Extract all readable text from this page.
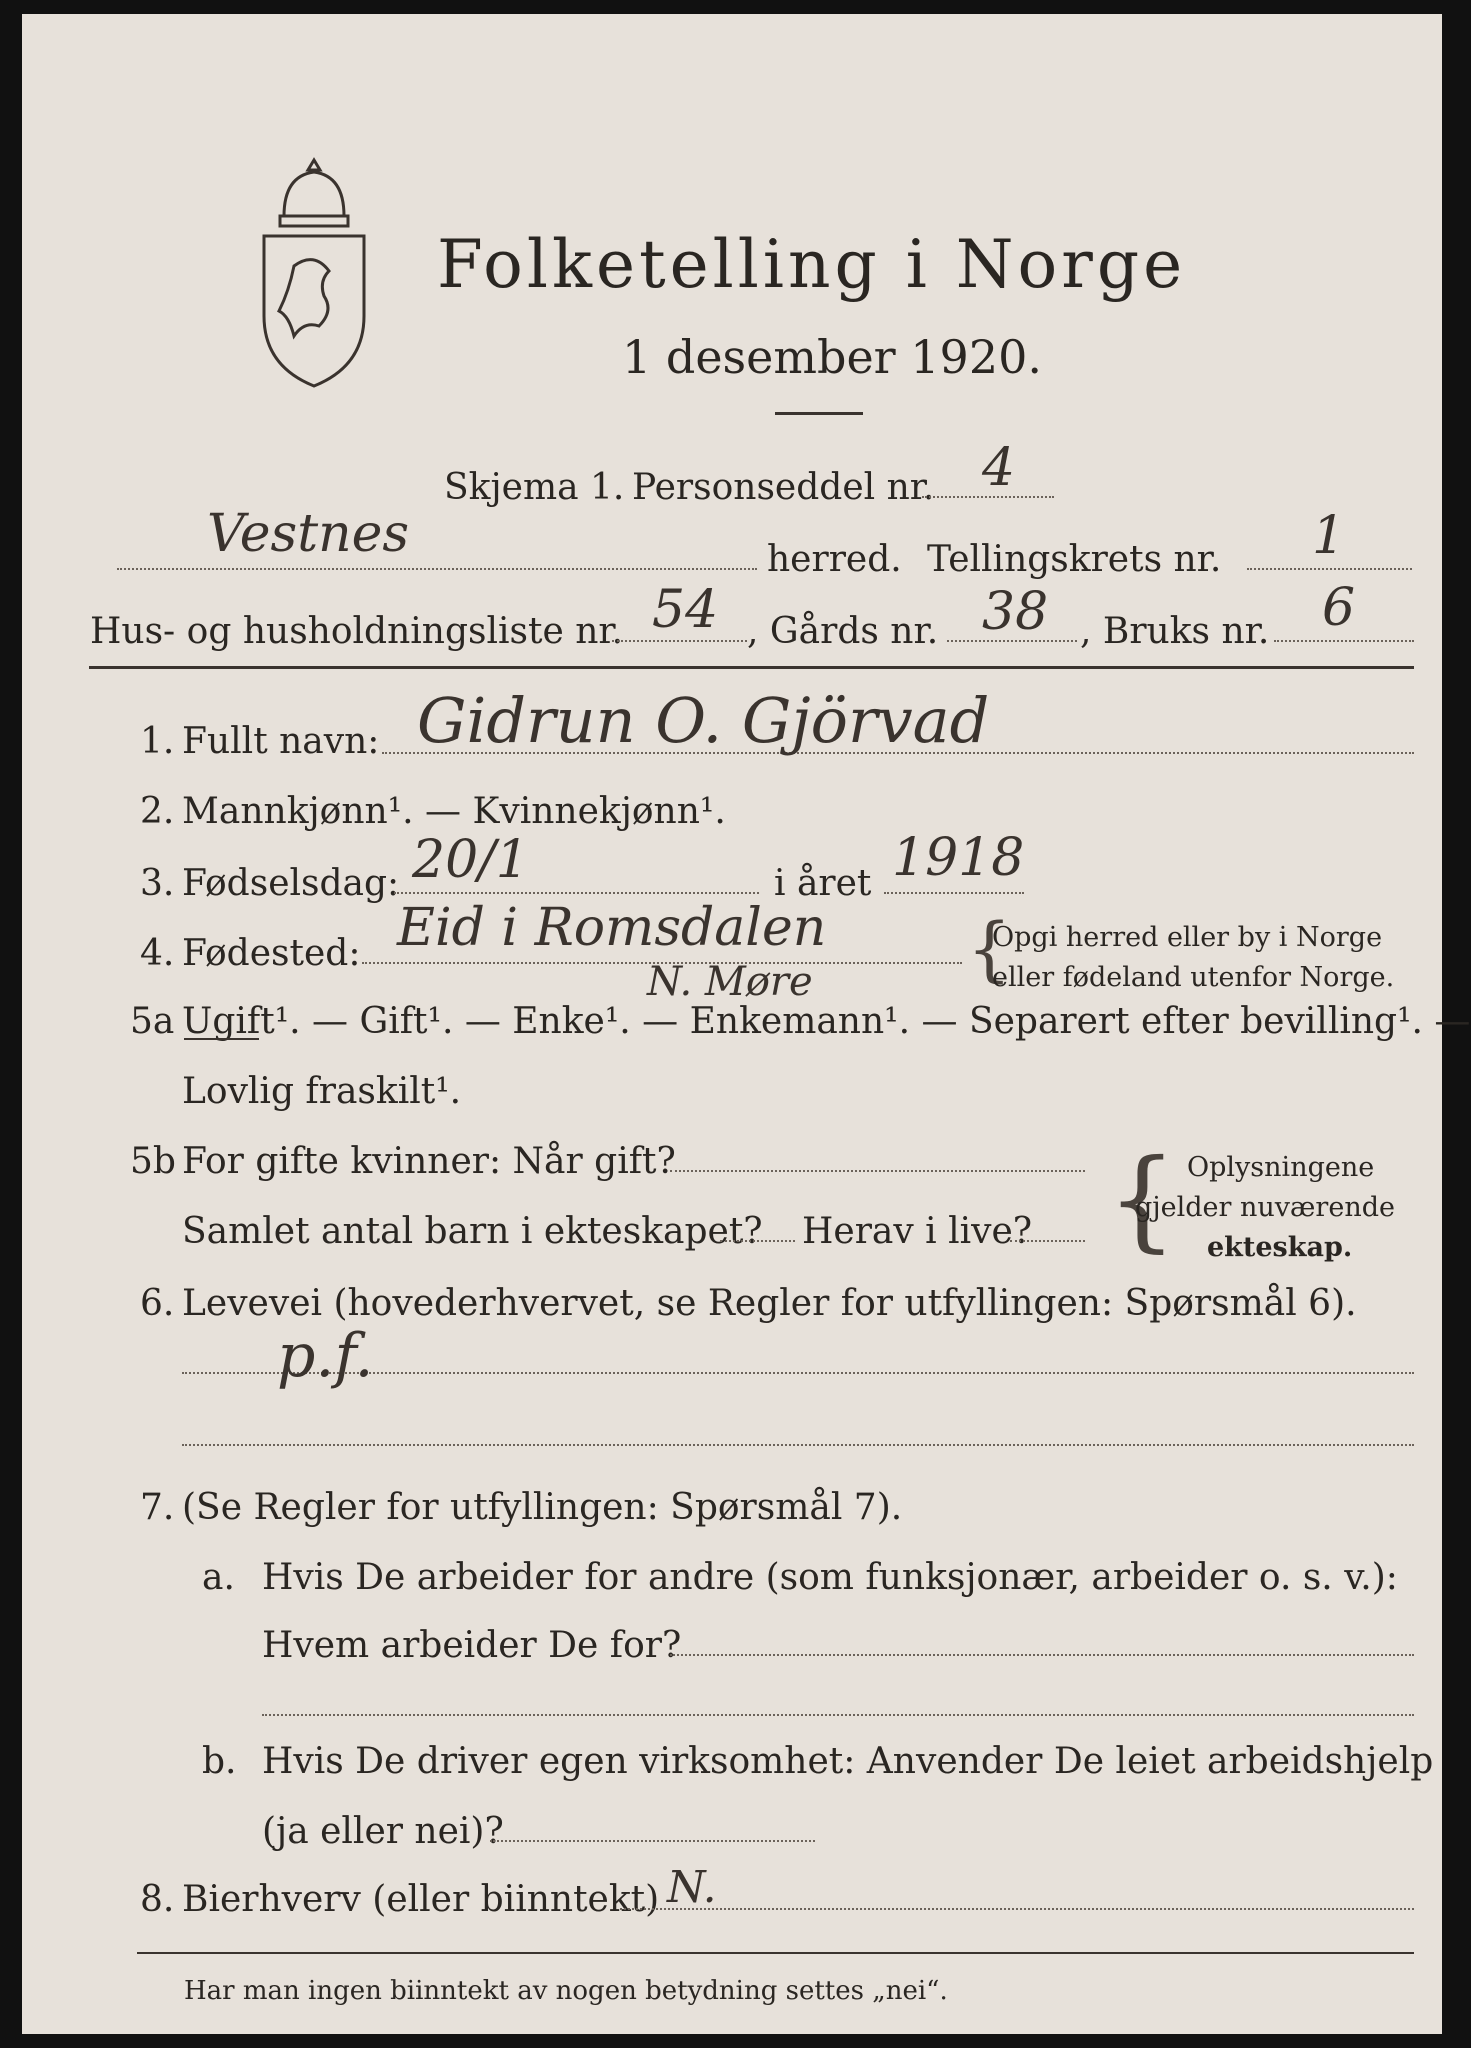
Folketelling i Norge
1 desember 1920.
Skjema 1. Personseddel nr. 4
Vestnes	herred. Tellingskrets nr. 1
Hus- og husholdningsliste nr. 54 , Gårds nr. 38 , Bruks nr. 6
1. Fullt navn: Gidrun O. Gjörvad
2. Mannkjønn¹. — Kvinnekjønn¹.
3. Fødselsdag: 20/1	i året 1918
4. Fødested: Eid i Romsdalen {
Opgi herred eller by i Norge
eller fødeland utenfor Norge.
N. Møre
5a Ugift¹. — Gift¹. — Enke¹. — Enkemann¹. — Separert efter bevilling¹. —
Lovlig fraskilt¹.
5b For gifte kvinner: Når gift?
Samlet antal barn i ekteskapet? Herav i live? { Oplysningene
gjelder nuværende
ekteskap.
6. Levevei (hovederhvervet, se Regler for utfyllingen: Spørsmål 6).
p.f.
7. (Se Regler for utfyllingen: Spørsmål 7).
a. Hvis De arbeider for andre (som funksjonær, arbeider o. s. v.):
Hvem arbeider De for?
b. Hvis De driver egen virksomhet: Anvender De leiet arbeidshjelp
(ja eller nei)?
8. Bierhverv (eller biinntekt) N.
Har man ingen biinntekt av nogen betydning settes „nei“.
